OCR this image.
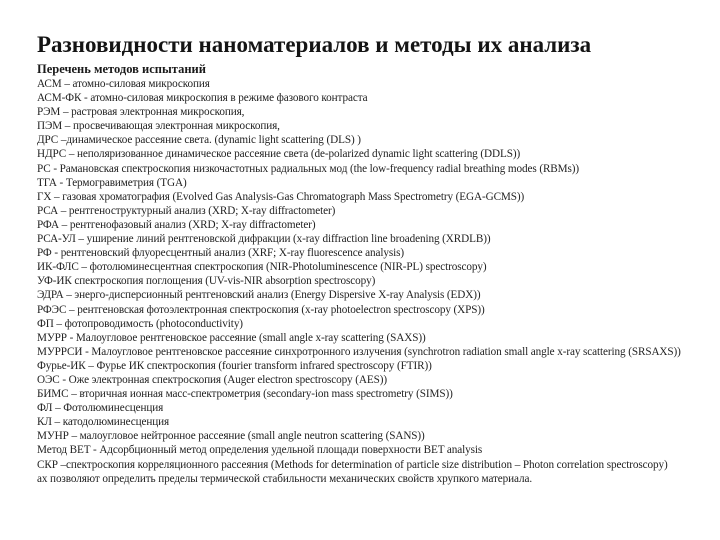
Разновидности наноматериалов и методы их анализа
Перечень методов испытаний
АСМ – атомно-силовая микроскопия
АСМ-ФК - атомно-силовая микроскопия в режиме фазового контраста
РЭМ – растровая электронная микроскопия,
ПЭМ – просвечивающая электронная микроскопия,
ДРС –динамическое рассеяние света. (dynamic light scattering (DLS) )
НДРС – неполяризованное динамическое рассеяние света (de-polarized dynamic light scattering (DDLS))
РС - Рамановская спектроскопия низкочастотных радиальных мод (the low-frequency radial breathing modes (RBMs))
ТГА - Термогравиметрия (TGA)
ГХ – газовая хроматография (Evolved Gas Analysis-Gas Chromatograph Mass Spectrometry (EGA-GCMS))
РСА – рентгеноструктурный анализ (XRD; X-ray diffractometer)
РФА – рентгенофазовый анализ (XRD; X-ray diffractometer)
РСА-УЛ – уширение линий рентгеновской дифракции (x-ray diffraction line broadening (XRDLB))
РФ - рентгеновский флуоресцентный анализ (XRF; X-ray fluorescence analysis)
ИК-ФЛС – фотолюминесцентная спектроскопия (NIR-Photoluminescence (NIR-PL) spectroscopy)
УФ-ИК спектроскопия поглощения (UV-vis-NIR absorption spectroscopy)
ЭДРА – энерго-дисперсионный рентгеновский анализ (Energy Dispersive X-ray Analysis (EDX))
РФЭС – рентгеновская фотоэлектронная спектроскопия (x-ray photoelectron spectroscopy (XPS))
ФП – фотопроводимость (photoconductivity)
МУРР - Малоугловое рентгеновское рассеяние (small angle x-ray scattering (SAXS))
МУРРСИ - Малоугловое рентгеновское рассеяние синхротронного излучения (synchrotron radiation small angle x-ray scattering (SRSAXS))
Фурье-ИК – Фурье ИК спектроскопия (fourier transform infrared spectroscopy (FTIR))
ОЭС - Оже электронная спектроскопия (Auger electron spectroscopy (AES))
БИМС – вторичная ионная масс-спектрометрия (secondary-ion mass spectrometry (SIMS))
ФЛ – Фотолюминесценция
КЛ – катодолюминесценция
МУНР – малоугловое нейтронное рассеяние (small angle neutron scattering (SANS))
Метод BET - Адсорбционный метод определения удельной площади поверхности BET analysis
СКР –спектроскопия корреляционного рассеяния (Methods for determination of particle size distribution – Photon correlation spectroscopy)
ах позволяют определить пределы термической стабильности механических свойств хрупкого материала.
